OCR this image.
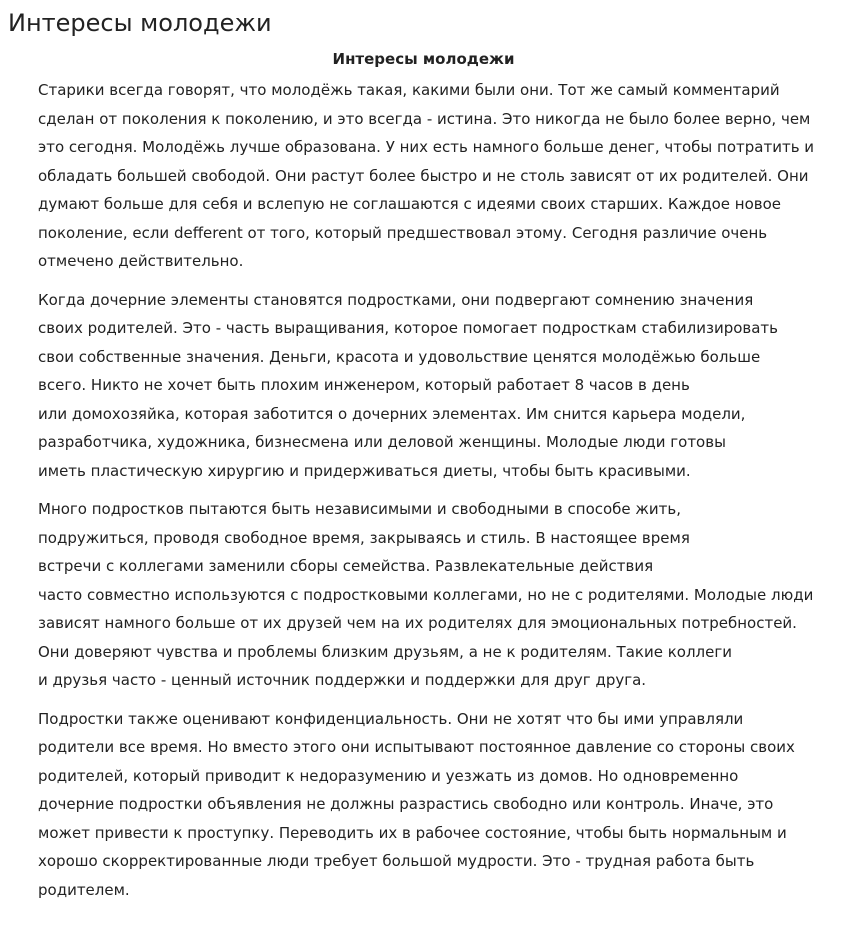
Интересы молодежи
Интересы молодежи

Старики всегда говорят, что молодёжь такая, какими были они. Тот же самый комментарий
сделан от поколения к поколению, и это всегда - истина. Это никогда не было более верно, чем
это сегодня. Молодёжь лучше образована. У них есть намного больше денег, чтобы потратить и
обладать большей свободой. Они растут более быстро и не столь зависят от их родителей. Они
думают больше для себя и вслепую не соглашаются с идеями своих старших. Каждое новое
поколение, если defferent от того, который предшествовал этому. Сегодня различие очень
отмечено действительно.

Когда дочерние элементы становятся подростками, они подвергают сомнению значения
своих родителей. Это - часть выращивания, которое помогает подросткам стабилизировать
свои собственные значения. Деньги, красота и удовольствие ценятся молодёжью больше
всего. Никто не хочет быть плохим инженером, который работает 8 часов в день
или домохозяйка, которая заботится о дочерних элементах. Им снится карьера модели,
разработчика, художника, бизнесмена или деловой женщины. Молодые люди готовы
иметь пластическую хирургию и придерживаться диеты, чтобы быть красивыми.

Много подростков пытаются быть независимыми и свободными в способе жить,
подружиться, проводя свободное время, закрываясь и стиль. В настоящее время
встречи с коллегами заменили сборы семейства. Развлекательные действия
часто совместно используются с подростковыми коллегами, но не с родителями. Молодые люди
зависят намного больше от их друзей чем на их родителях для эмоциональных потребностей.
Они доверяют чувства и проблемы близким друзьям, а не к родителям. Такие коллеги
и друзья часто - ценный источник поддержки и поддержки для друг друга.

Подростки также оценивают конфиденциальность. Они не хотят что бы ими управляли
родители все время. Но вместо этого они испытывают постоянное давление со стороны своих
родителей, который приводит к недоразумению и уезжать из домов. Но одновременно
дочерние подростки объявления не должны разрастись свободно или контроль. Иначе, это
может привести к проступку. Переводить их в рабочее состояние, чтобы быть нормальным и
хорошо скорректированные люди требует большой мудрости. Это - трудная работа быть
родителем.
